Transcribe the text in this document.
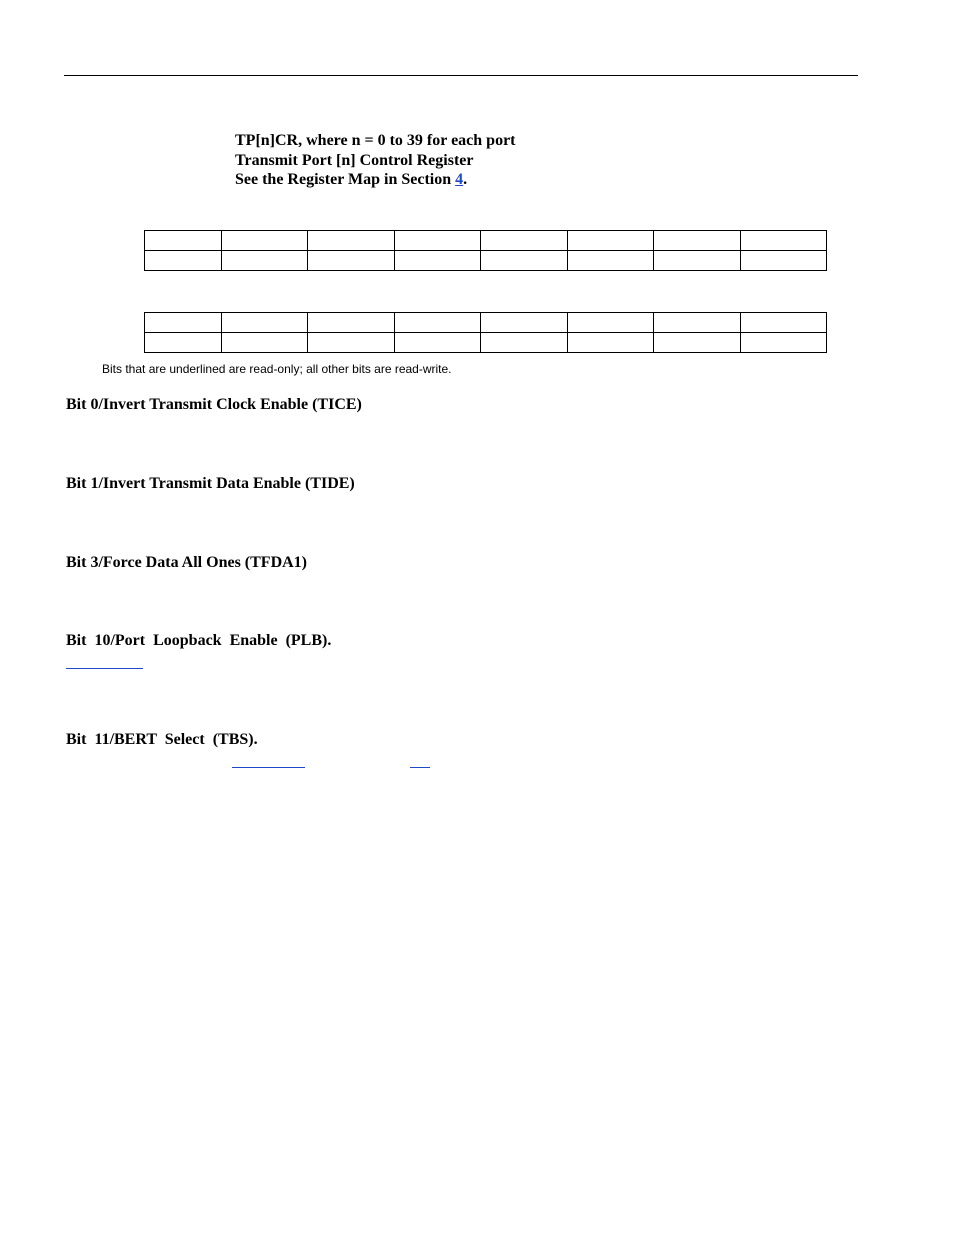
TP[n]CR, where n = 0 to 39 for each port
Transmit Port [n] Control Register
See the Register Map in Section 4.

Bits that are underlined are read-only; all other bits are read-write.
Bit 0/Invert Transmit Clock Enable (TICE)
Bit 1/Invert Transmit Data Enable (TIDE)
Bit 3/Force Data All Ones (TFDA1)
Bit 10/Port Loopback Enable (PLB).
Bit 11/BERT Select (TBS).
